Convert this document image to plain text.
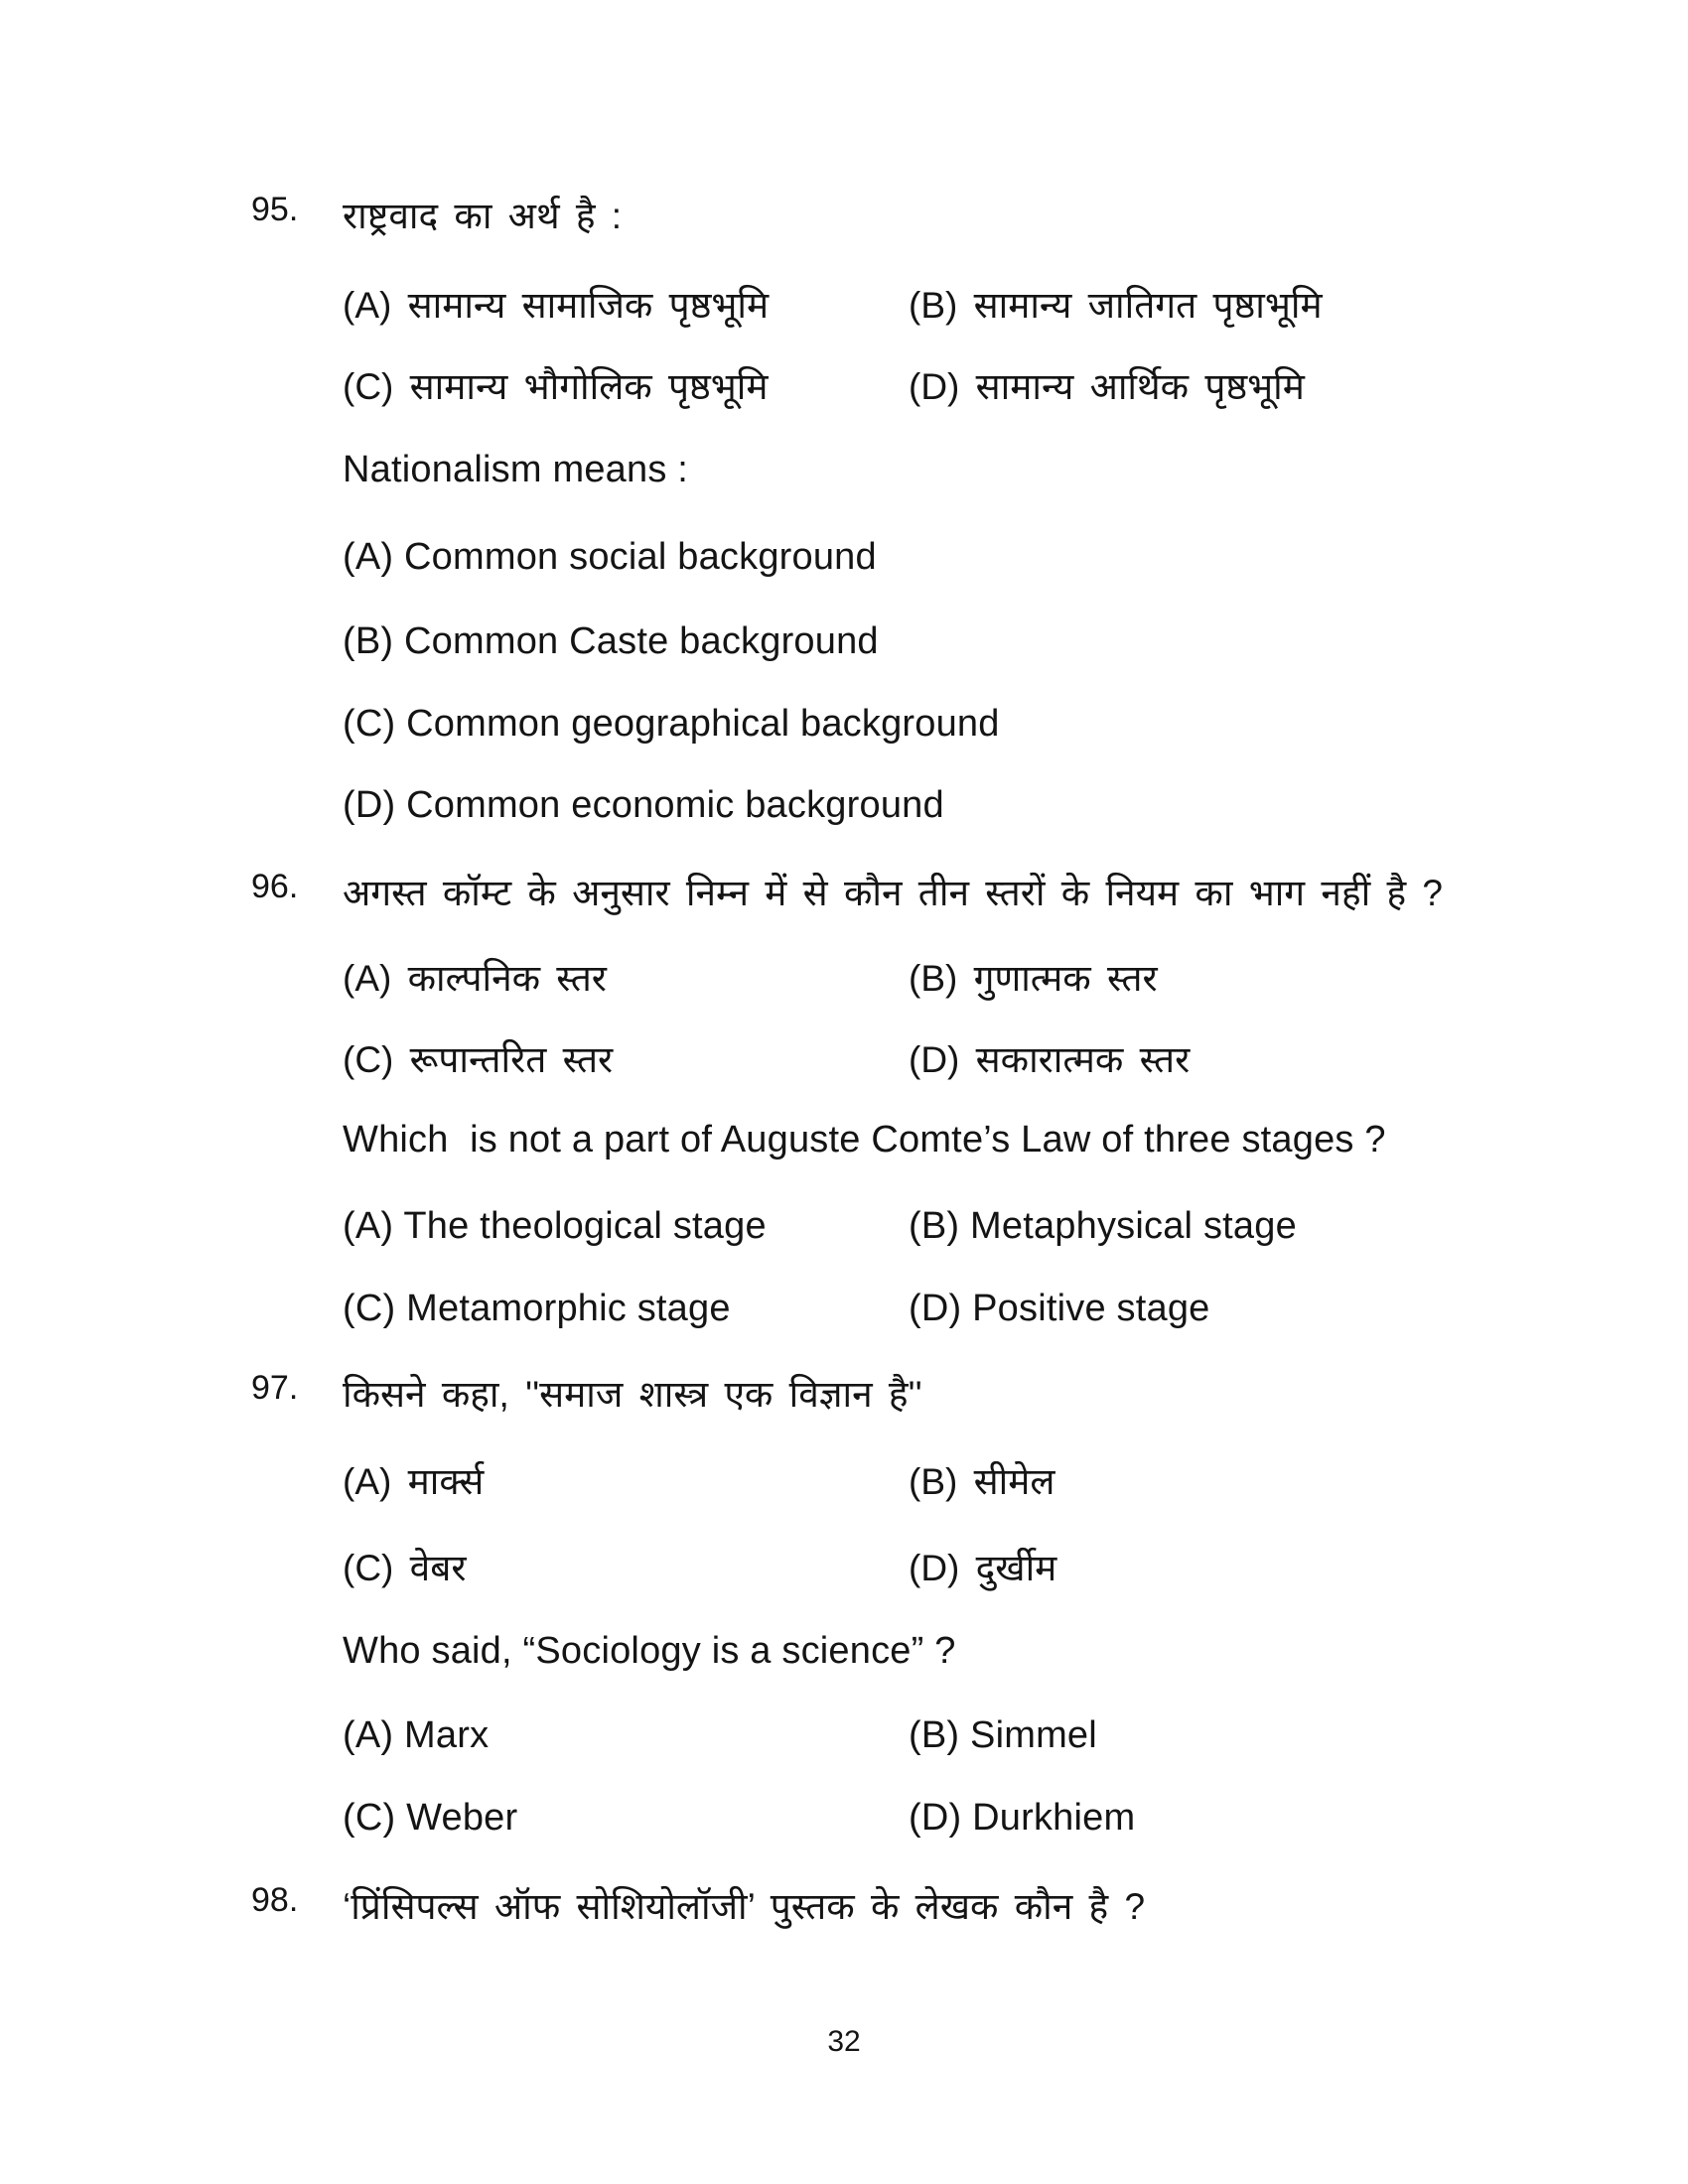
95. राष्ट्रवाद का अर्थ है :
(A) सामान्य सामाजिक पृष्ठभूमि	(B) सामान्य जातिगत पृष्ठाभूमि
(C) सामान्य भौगोलिक पृष्ठभूमि	(D) सामान्य आर्थिक पृष्ठभूमि
Nationalism means :
(A) Common social background
(B) Common Caste background
(C) Common geographical background
(D) Common economic background
96. अगस्त कॉम्ट के अनुसार निम्न में से कौन तीन स्तरों के नियम का भाग नहीं है ?
(A) काल्पनिक स्तर	(B) गुणात्मक स्तर
(C) रूपान्तरित स्तर	(D) सकारात्मक स्तर
Which  is not a part of Auguste Comte’s Law of three stages ?
(A) The theological stage	(B) Metaphysical stage
(C) Metamorphic stage	(D) Positive stage
97. किसने कहा, ''समाज शास्त्र एक विज्ञान है''
(A) मार्क्स	(B) सीमेल
(C) वेबर	(D) दुर्खीम
Who said, “Sociology is a science” ?
(A) Marx	(B) Simmel
(C) Weber	(D) Durkhiem
98. ‘प्रिंसिपल्स ऑफ सोशियोलॉजी’ पुस्तक के लेखक कौन है ?
32
